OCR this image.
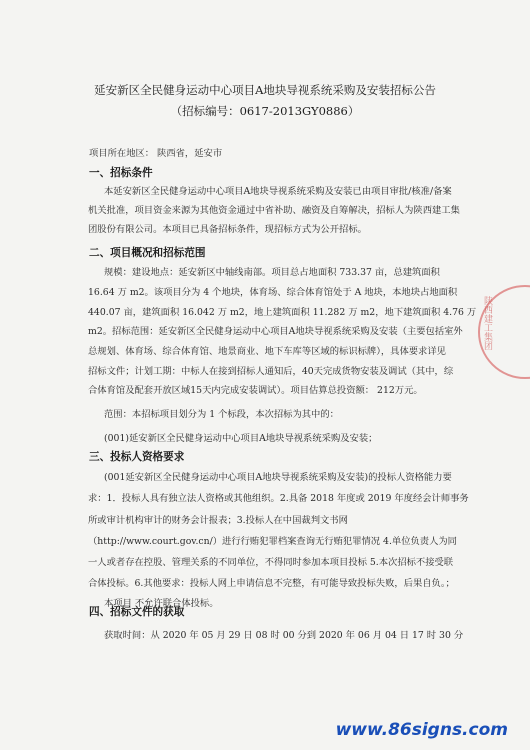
延安新区全民健身运动中心项目A地块导视系统采购及安装招标公告
（招标编号：0617-2013GY0886）
项目所在地区： 陕西省，延安市
一、招标条件
本延安新区全民健身运动中心项目A地块导视系统采购及安装已由项目审批/核准/备案
机关批准，项目资金来源为其他资金通过中省补助、融资及自筹解决，招标人为陕西建工集
团股份有限公司。本项目已具备招标条件，现招标方式为公开招标。
二、项目概况和招标范围
规模：建设地点：延安新区中轴线南部。项目总占地面积 733.37 亩，总建筑面积
16.64 万 m2。该项目分为 4 个地块，体育场、综合体育馆处于 A 地块，本地块占地面积
440.07 亩，建筑面积 16.042 万 m2，地上建筑面积 11.282 万 m2，地下建筑面积 4.76 万
m2。招标范围：延安新区全民健身运动中心项目A地块导视系统采购及安装（主要包括室外
总规划、体育场、综合体育馆、地景商业、地下车库等区域的标识标牌），具体要求详见
招标文件；计划工期：中标人在接到招标人通知后，40天完成货物安装及调试（其中，综
合体育馆及配套开放区域15天内完成安装调试）。项目估算总投资额： 212万元。
范围：本招标项目划分为 1 个标段，本次招标为其中的：
(001)延安新区全民健身运动中心项目A地块导视系统采购及安装；
三、投标人资格要求
(001延安新区全民健身运动中心项目A地块导视系统采购及安装)的投标人资格能力要
求：1．投标人具有独立法人资格或其他组织。2.具备 2018 年度或 2019 年度经会计师事务
所或审计机构审计的财务会计报表；3.投标人在中国裁判文书网
（http://www.court.gov.cn/）进行行贿犯罪档案查询无行贿犯罪情况 4.单位负责人为同
一人或者存在控股、管理关系的不同单位，不得同时参加本项目投标 5.本次招标不接受联
合体投标。6.其他要求：投标人网上申请信息不完整，有可能导致投标失败，后果自负。；
本项目 不允许联合体投标。
四、招标文件的获取
获取时间：从 2020 年 05 月 29 日 08 时 00 分到 2020 年 06 月 04 日 17 时 30 分
陕西建工集团
www.86signs.com
